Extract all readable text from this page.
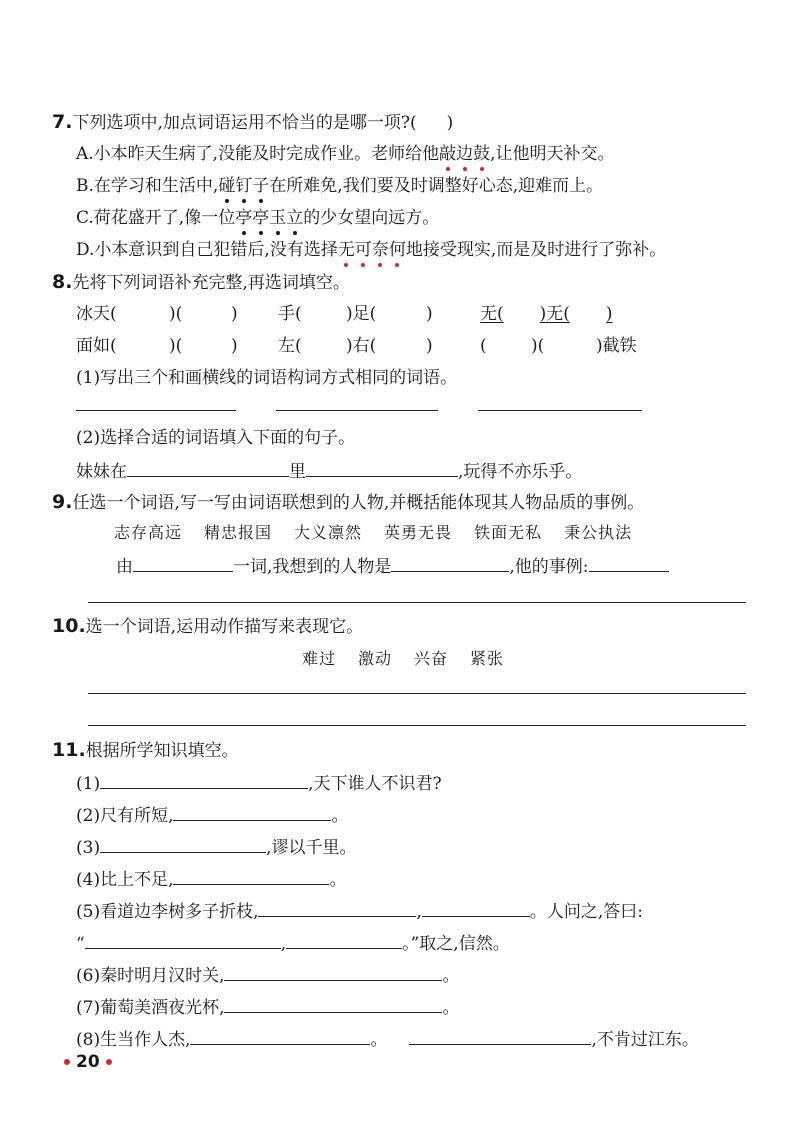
7.下列选项中,加点词语运用不恰当的是哪一项?( )
A.小本昨天生病了,没能及时完成作业。老师给他敲边鼓,让他明天补交。
B.在学习和生活中,碰钉子在所难免,我们要及时调整好心态,迎难而上。
C.荷花盛开了,像一位亭亭玉立的少女望向远方。
D.小本意识到自己犯错后,没有选择无可奈何地接受现实,而是及时进行了弥补。
8.先将下列词语补充完整,再选词填空。
冰天(	)(	) 手(	)足(	)	无( )无( )
面如(	)(	) 左(	)右(	)	(	)(	)截铁
(1)写出三个和画横线的词语构词方式相同的词语。
(2)选择合适的词语填入下面的句子。
妹妹在	里	,玩得不亦乐乎。
9.任选一个词语,写一写由词语联想到的人物,并概括能体现其人物品质的事例。
志存高远 精忠报国 大义凛然 英勇无畏 铁面无私 秉公执法
由	一词,我想到的人物是	,他的事例:
10.选一个词语,运用动作描写来表现它。
难过 激动 兴奋 紧张
11.根据所学知识填空。
(1)	,天下谁人不识君?
(2)尺有所短,	。
(3)	,谬以千里。
(4)比上不足,	。
(5)看道边李树多子折枝,	,	。人问之,答曰:
“	,	。”取之,信然。
(6)秦时明月汉时关,	。
(7)葡萄美酒夜光杯,	。
(8)生当作人杰,	。	,不肯过江东。
20
